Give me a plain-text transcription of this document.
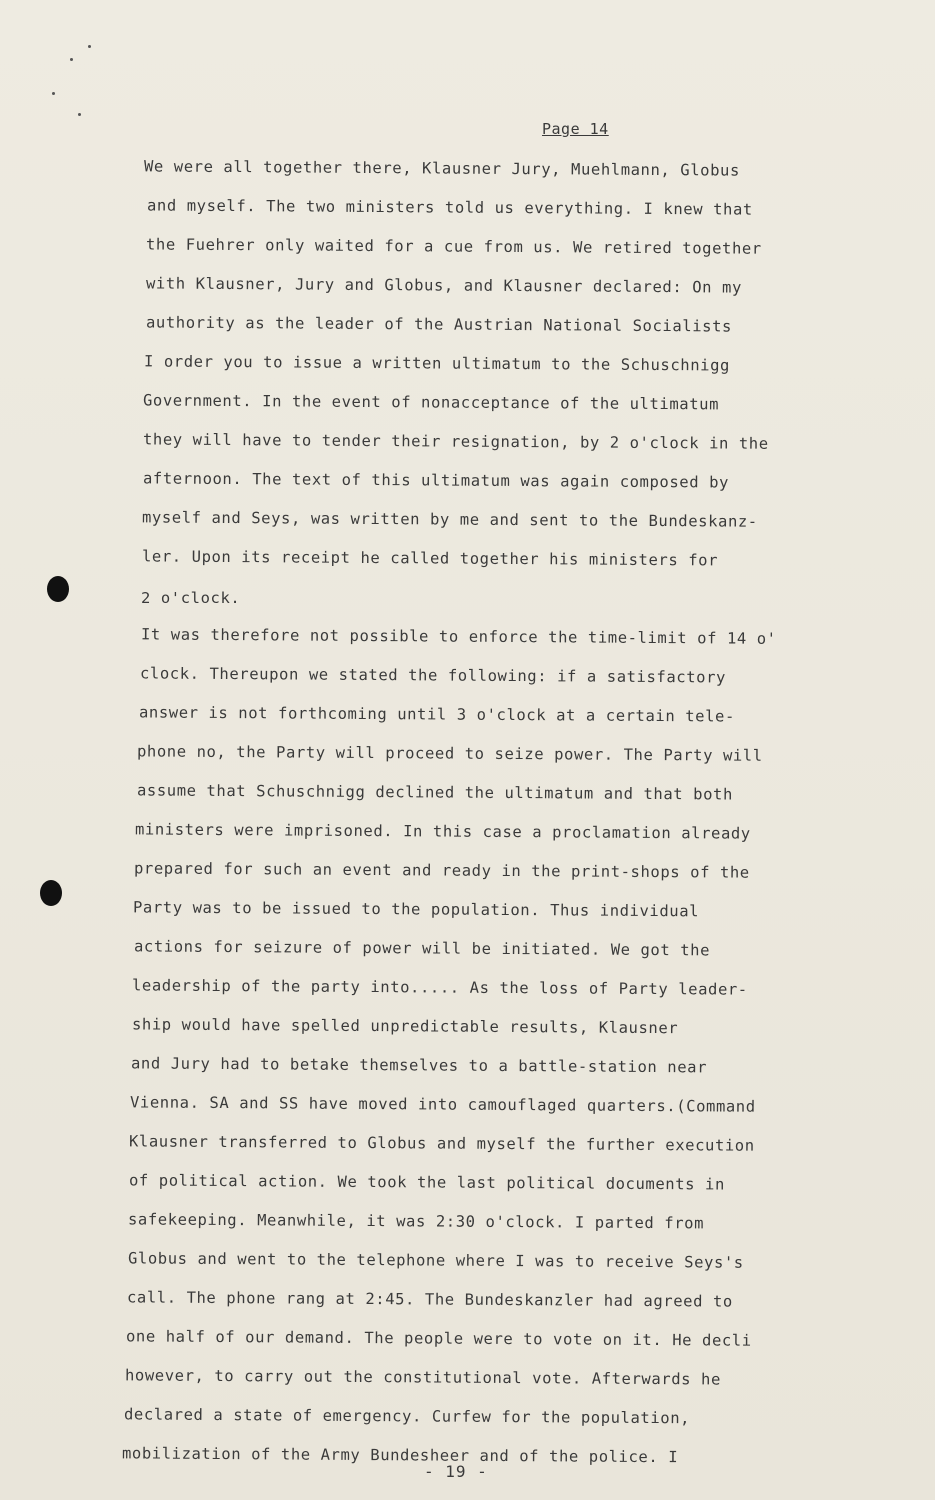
Page 14
We were all together there, Klausner Jury, Muehlmann, Globus
and myself. The two ministers told us everything. I knew that
the Fuehrer only waited for a cue from us. We retired together
with Klausner, Jury and Globus, and Klausner declared: On my
authority as the leader of the Austrian National Socialists
I order you to issue a written ultimatum to the Schuschnigg
Government. In the event of nonacceptance of the ultimatum
they will have to tender their resignation, by 2 o'clock in the
afternoon. The text of this ultimatum was again composed by
myself and Seys, was written by me and sent to the Bundeskanz-
ler. Upon its receipt he called together his ministers for
2 o'clock.
It was therefore not possible to enforce the time-limit of 14 o'
clock. Thereupon we stated the following: if a satisfactory
answer is not forthcoming until 3 o'clock at a certain tele-
phone no, the Party will proceed to seize power. The Party will
assume that Schuschnigg declined the ultimatum and that both
ministers were imprisoned. In this case a proclamation already
prepared for such an event and ready in the print-shops of the
Party was to be issued to the population. Thus individual
actions for seizure of power will be initiated. We got the
leadership of the party into..... As the loss of Party leader-
ship would have spelled unpredictable results, Klausner
and Jury had to betake themselves to a battle-station near
Vienna. SA and SS have moved into camouflaged quarters.(Command
Klausner transferred to Globus and myself the further execution
of political action. We took the last political documents in
safekeeping. Meanwhile, it was 2:30 o'clock. I parted from
Globus and went to the telephone where I was to receive Seys's
call. The phone rang at 2:45. The Bundeskanzler had agreed to
one half of our demand. The people were to vote on it. He decli
however, to carry out the constitutional vote. Afterwards he
declared a state of emergency. Curfew for the population,
mobilization of the Army Bundesheer and of the police. I
- 19 -
